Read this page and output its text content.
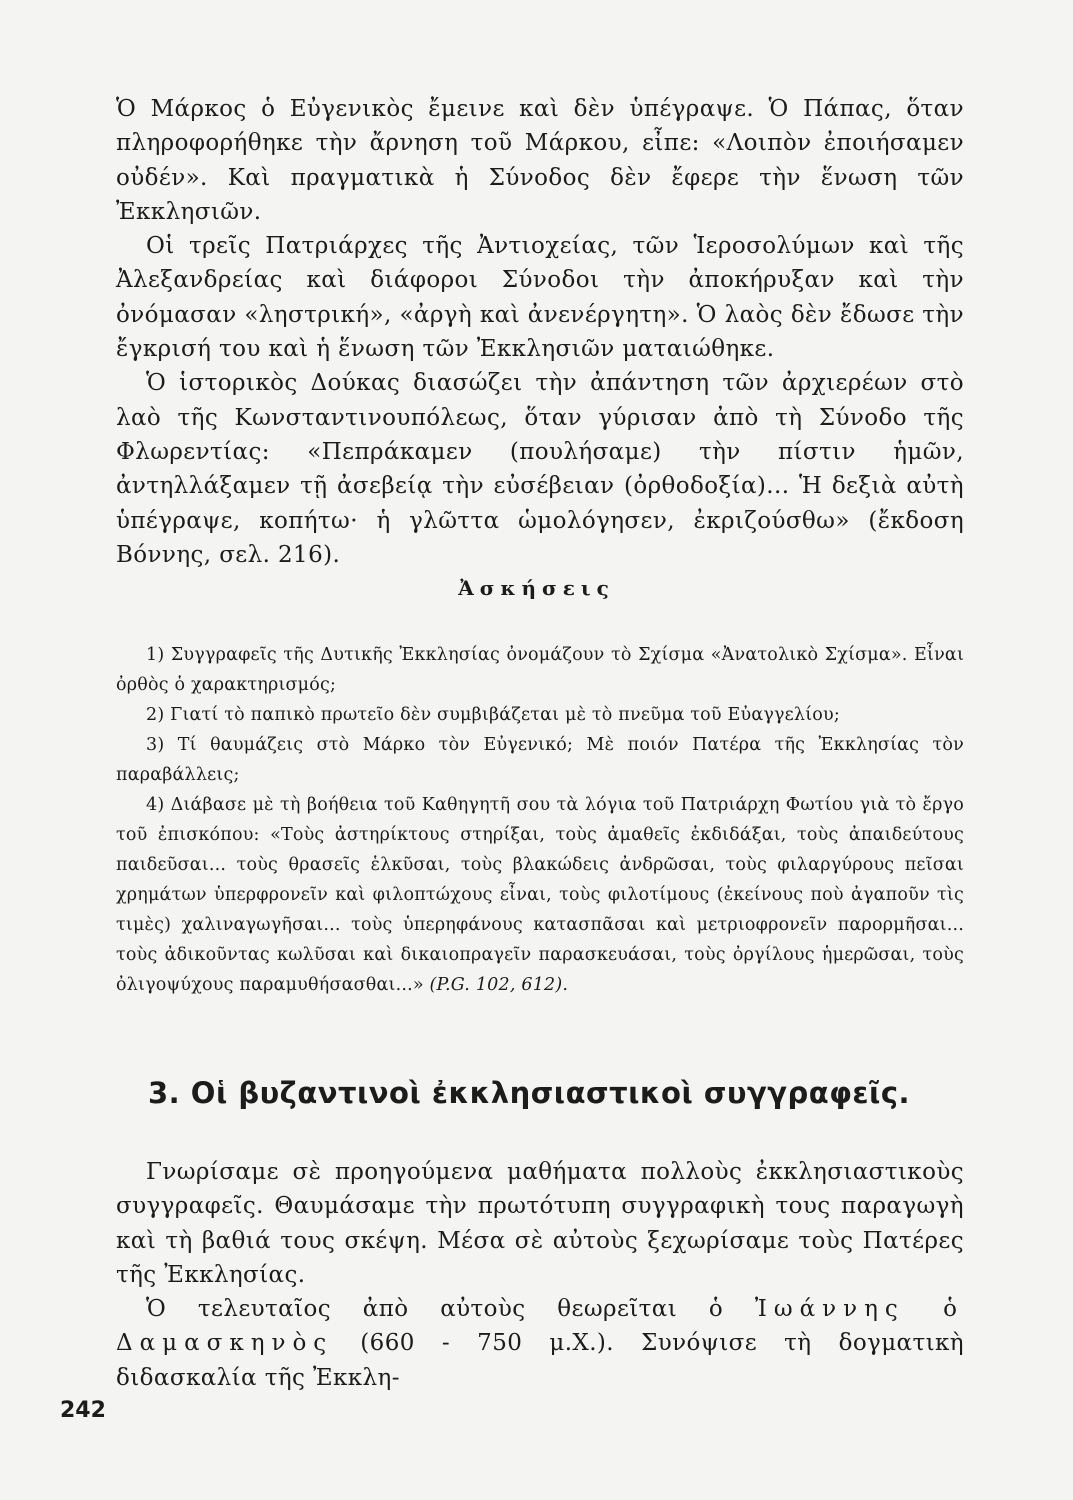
Ὁ Μάρκος ὁ Εὐγενικὸς ἔμεινε καὶ δὲν ὑπέγραψε. Ὁ Πάπας, ὅταν πληροφορήθηκε τὴν ἄρνηση τοῦ Μάρκου, εἶπε: «Λοιπὸν ἐποιήσαμεν οὐδέν». Καὶ πραγματικὰ ἡ Σύνοδος δὲν ἔφερε τὴν ἕνωση τῶν Ἐκκλησιῶν.

Οἱ τρεῖς Πατριάρχες τῆς Ἀντιοχείας, τῶν Ἱεροσολύμων καὶ τῆς Ἀλεξανδρείας καὶ διάφοροι Σύνοδοι τὴν ἀποκήρυξαν καὶ τὴν ὀνόμασαν «ληστρική», «ἀργὴ καὶ ἀνενέργητη». Ὁ λαὸς δὲν ἔδωσε τὴν ἔγκρισή του καὶ ἡ ἕνωση τῶν Ἐκκλησιῶν ματαιώθηκε.

Ὁ ἱστορικὸς Δούκας διασώζει τὴν ἀπάντηση τῶν ἀρχιερέων στὸ λαὸ τῆς Κωνσταντινουπόλεως, ὅταν γύρισαν ἀπὸ τὴ Σύνοδο τῆς Φλωρεντίας: «Πεπράκαμεν (πουλήσαμε) τὴν πίστιν ἡμῶν, ἀντηλλάξαμεν τῇ ἀσεβείᾳ τὴν εὐσέβειαν (ὀρθοδοξία)... Ἡ δεξιὰ αὐτὴ ὑπέγραψε, κοπήτω· ἡ γλῶττα ὡμολόγησεν, ἐκριζούσθω» (ἔκδοση Βόννης, σελ. 216).

Ἀσκήσεις

1) Συγγραφεῖς τῆς Δυτικῆς Ἐκκλησίας ὀνομάζουν τὸ Σχίσμα «Ἀνατολικὸ Σχίσμα». Εἶναι ὀρθὸς ὁ χαρακτηρισμός;

2) Γιατί τὸ παπικὸ πρωτεῖο δὲν συμβιβάζεται μὲ τὸ πνεῦμα τοῦ Εὐαγγελίου;

3) Τί θαυμάζεις στὸ Μάρκο τὸν Εὐγενικό; Μὲ ποιόν Πατέρα τῆς Ἐκκλησίας τὸν παραβάλλεις;

4) Διάβασε μὲ τὴ βοήθεια τοῦ Καθηγητῆ σου τὰ λόγια τοῦ Πατριάρχη Φωτίου γιὰ τὸ ἔργο τοῦ ἐπισκόπου: «Τοὺς ἀστηρίκτους στηρίξαι, τοὺς ἀμαθεῖς ἐκδιδάξαι, τοὺς ἀπαιδεύτους παιδεῦσαι... τοὺς θρασεῖς ἑλκῦσαι, τοὺς βλακώδεις ἀνδρῶσαι, τοὺς φιλαργύρους πεῖσαι χρημάτων ὑπερφρονεῖν καὶ φιλοπτώχους εἶναι, τοὺς φιλοτίμους (ἐκείνους ποὺ ἀγαποῦν τὶς τιμὲς) χαλιναγωγῆσαι... τοὺς ὑπερηφάνους κατασπᾶσαι καὶ μετριοφρονεῖν παρορμῆσαι... τοὺς ἀδικοῦντας κωλῦσαι καὶ δικαιοπραγεῖν παρασκευάσαι, τοὺς ὀργίλους ἡμερῶσαι, τοὺς ὀλιγοψύχους παραμυθήσασθαι...» (P.G. 102, 612).

3. Οἱ βυζαντινοὶ ἐκκλησιαστικοὶ συγγραφεῖς.

Γνωρίσαμε σὲ προηγούμενα μαθήματα πολλοὺς ἐκκλησιαστικοὺς συγγραφεῖς. Θαυμάσαμε τὴν πρωτότυπη συγγραφικὴ τους παραγωγὴ καὶ τὴ βαθιά τους σκέψη. Μέσα σὲ αὐτοὺς ξεχωρίσαμε τοὺς Πατέρες τῆς Ἐκκλησίας.

Ὁ τελευταῖος ἀπὸ αὐτοὺς θεωρεῖται ὁ Ἰωάννης ὁ Δαμασκηνὸς (660 - 750 μ.Χ.). Συνόψισε τὴ δογματικὴ διδασκαλία τῆς Ἐκκλη-

242
